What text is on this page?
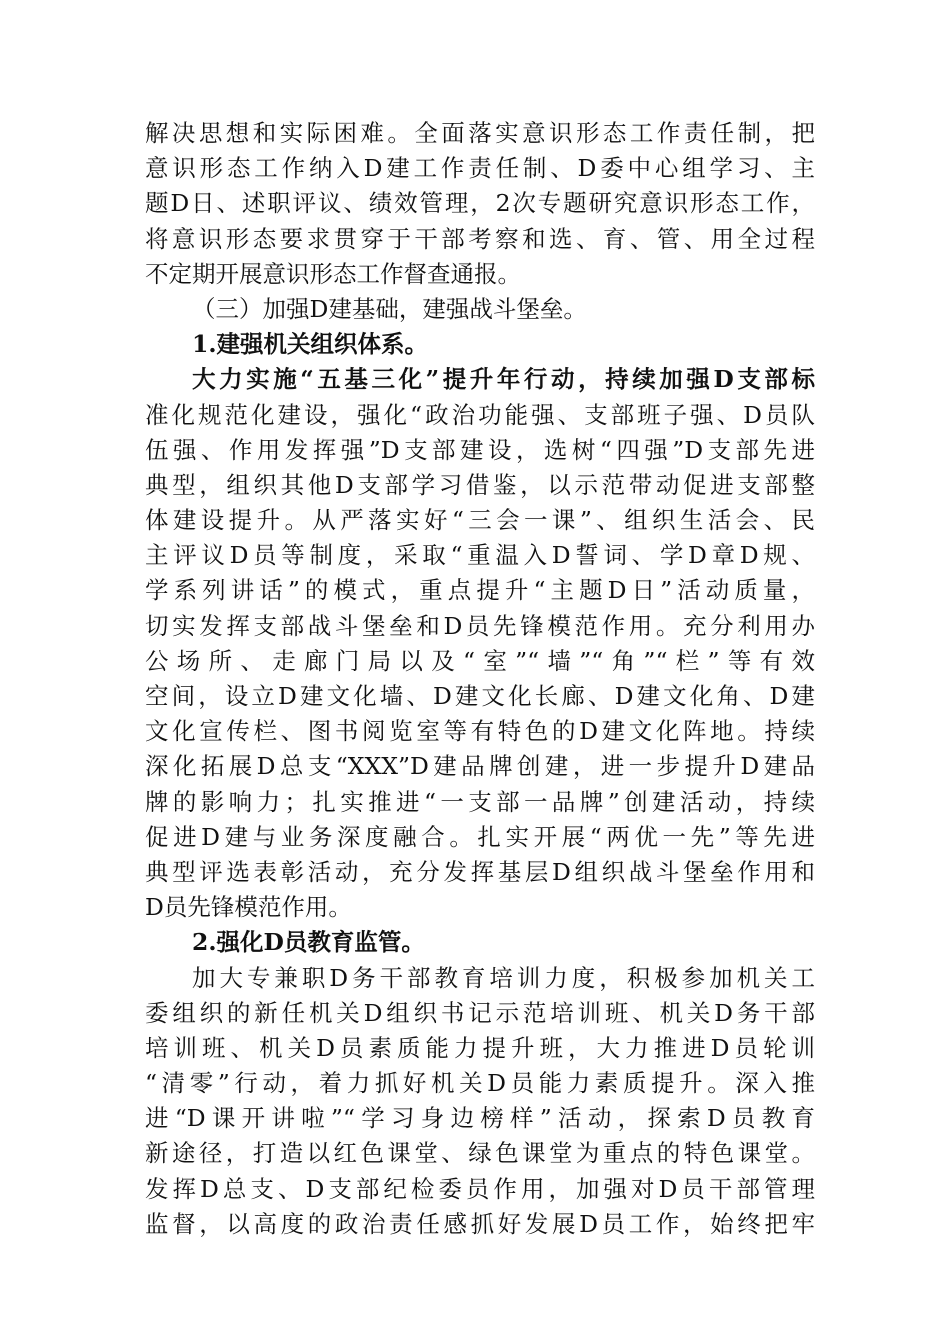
解决思想和实际困难。全面落实意识形态工作责任制，把
意识形态工作纳入D建工作责任制、D委中心组学习、主
题D日、述职评议、绩效管理，2次专题研究意识形态工作，
将意识形态要求贯穿于干部考察和选、育、管、用全过程
不定期开展意识形态工作督查通报。
（三）加强D建基础，建强战斗堡垒。
1.建强机关组织体系。
大力实施“五基三化”提升年行动，持续加强D支部标
准化规范化建设，强化“政治功能强、支部班子强、D员队
伍强、作用发挥强”D支部建设，选树“四强”D支部先进
典型，组织其他D支部学习借鉴，以示范带动促进支部整
体建设提升。从严落实好“三会一课”、组织生活会、民
主评议D员等制度，采取“重温入D誓词、学D章D规、
学系列讲话”的模式，重点提升“主题D日”活动质量，
切实发挥支部战斗堡垒和D员先锋模范作用。充分利用办
公场所、走廊门局以及“室”“墙”“角”“栏”等有效
空间，设立D建文化墙、D建文化长廊、D建文化角、D建
文化宣传栏、图书阅览室等有特色的D建文化阵地。持续
深化拓展D总支“XXX”D建品牌创建，进一步提升D建品
牌的影响力；扎实推进“一支部一品牌”创建活动，持续
促进D建与业务深度融合。扎实开展“两优一先”等先进
典型评选表彰活动，充分发挥基层D组织战斗堡垒作用和
D员先锋模范作用。
2.强化D员教育监管。
加大专兼职D务干部教育培训力度，积极参加机关工
委组织的新任机关D组织书记示范培训班、机关D务干部
培训班、机关D员素质能力提升班，大力推进D员轮训
“清零”行动，着力抓好机关D员能力素质提升。深入推
进“D课开讲啦”“学习身边榜样”活动，探索D员教育
新途径，打造以红色课堂、绿色课堂为重点的特色课堂。
发挥D总支、D支部纪检委员作用，加强对D员干部管理
监督，以高度的政治责任感抓好发展D员工作，始终把牢
